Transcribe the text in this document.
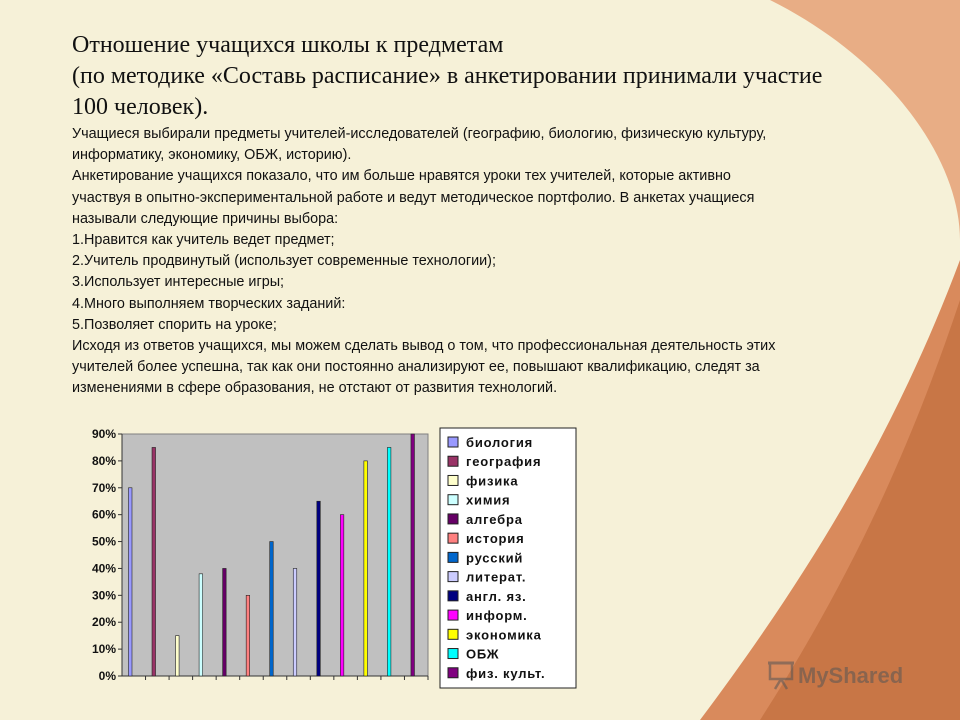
Отношение учащихся школы к предметам
(по методике «Составь расписание» в анкетировании принимали участие
100 человек).

Учащиеся выбирали предметы учителей-исследователей (географию, биологию, физическую культуру,

информатику, экономику, ОБЖ, историю).

Анкетирование учащихся показало, что им больше нравятся уроки тех учителей, которые активно

участвуя в опытно-экспериментальной работе и ведут методическое портфолио. В анкетах учащиеся

называли следующие причины выбора:

1.Нравится как учитель ведет предмет;

2.Учитель продвинутый (использует современные технологии);

3.Использует интересные игры;

4.Много выполняем творческих заданий:

5.Позволяет спорить на уроке;

Исходя из ответов учащихся, мы можем сделать вывод о том, что профессиональная деятельность этих

учителей более успешна, так как они постоянно анализируют ее, повышают квалификацию, следят за

изменениями в сфере образования, не отстают от развития технологий.

0%
10%
20%
30%
40%
50%
60%
70%
80%
90%
биология
география
физика
химия
алгебра
история
русский
литерат.
англ. яз.
информ.
экономика
ОБЖ
физ. культ.	MyShared
